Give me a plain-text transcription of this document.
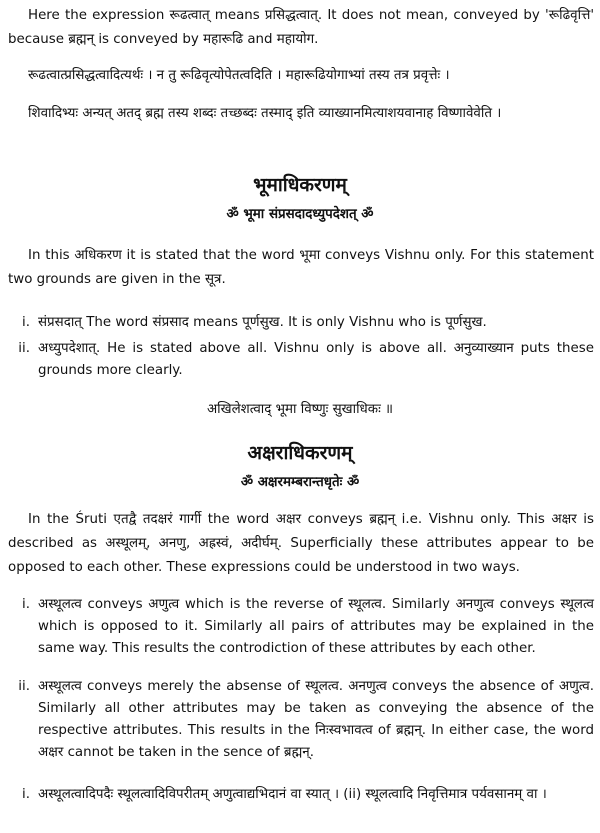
Here the expression रूढत्वात् means प्रसिद्धत्वात्. It does not mean, conveyed by 'रूढिवृत्ति' because ब्रह्मन् is conveyed by महारूढि and महायोग.

रूढत्वात्प्रसिद्धत्वादित्यर्थः । न तु रूढिवृत्योपेतत्वदिति । महारूढियोगाभ्यां तस्य तत्र प्रवृत्तेः ।

शिवादिभ्यः अन्यत् अतद् ब्रह्म तस्य शब्दः तच्छब्दः तस्माद् इति व्याख्यानमित्याशयवानाह विष्णावेवेति ।

भूमाधिकरणम्

ॐ भूमा संप्रसदादध्युपदेशत् ॐ

In this अधिकरण it is stated that the word भूमा conveys Vishnu only. For this statement two grounds are given in the सूत्र.

i. संप्रसदात् The word संप्रसाद means पूर्णसुख. It is only Vishnu who is पूर्णसुख.
ii. अध्युपदेशात्. He is stated above all. Vishnu only is above all. अनुव्याख्यान puts these grounds more clearly.

अखिलेशत्वाद् भूमा विष्णुः सुखाधिकः ॥

अक्षराधिकरणम्

ॐ अक्षरमम्बरान्तधृतेः ॐ

In the Śruti एतद्वै तदक्षरं गार्गी the word अक्षर conveys ब्रह्मन् i.e. Vishnu only. This अक्षर is described as अस्थूलम्, अनणु, अह्रस्वं, अदीर्घम्. Superficially these attributes appear to be opposed to each other. These expressions could be understood in two ways.

i. अस्थूलत्व conveys अणुत्व which is the reverse of स्थूलत्व. Similarly अनणुत्व conveys स्थूलत्व which is opposed to it. Similarly all pairs of attributes may be explained in the same way. This results the controdiction of these attributes by each other.
ii. अस्थूलत्व conveys merely the absense of स्थूलत्व. अनणुत्व conveys the absence of अणुत्व. Similarly all other attributes may be taken as conveying the absence of the respective attributes. This results in the निःस्वभावत्व of ब्रह्मन्. In either case, the word अक्षर cannot be taken in the sence of ब्रह्मन्.
i. अस्थूलत्वादिपदैः स्थूलत्वादिविपरीतम् अणुत्वाद्यभिदानं वा स्यात् । (ii) स्थूलत्वादि निवृत्तिमात्र पर्यवसानम् वा ।
